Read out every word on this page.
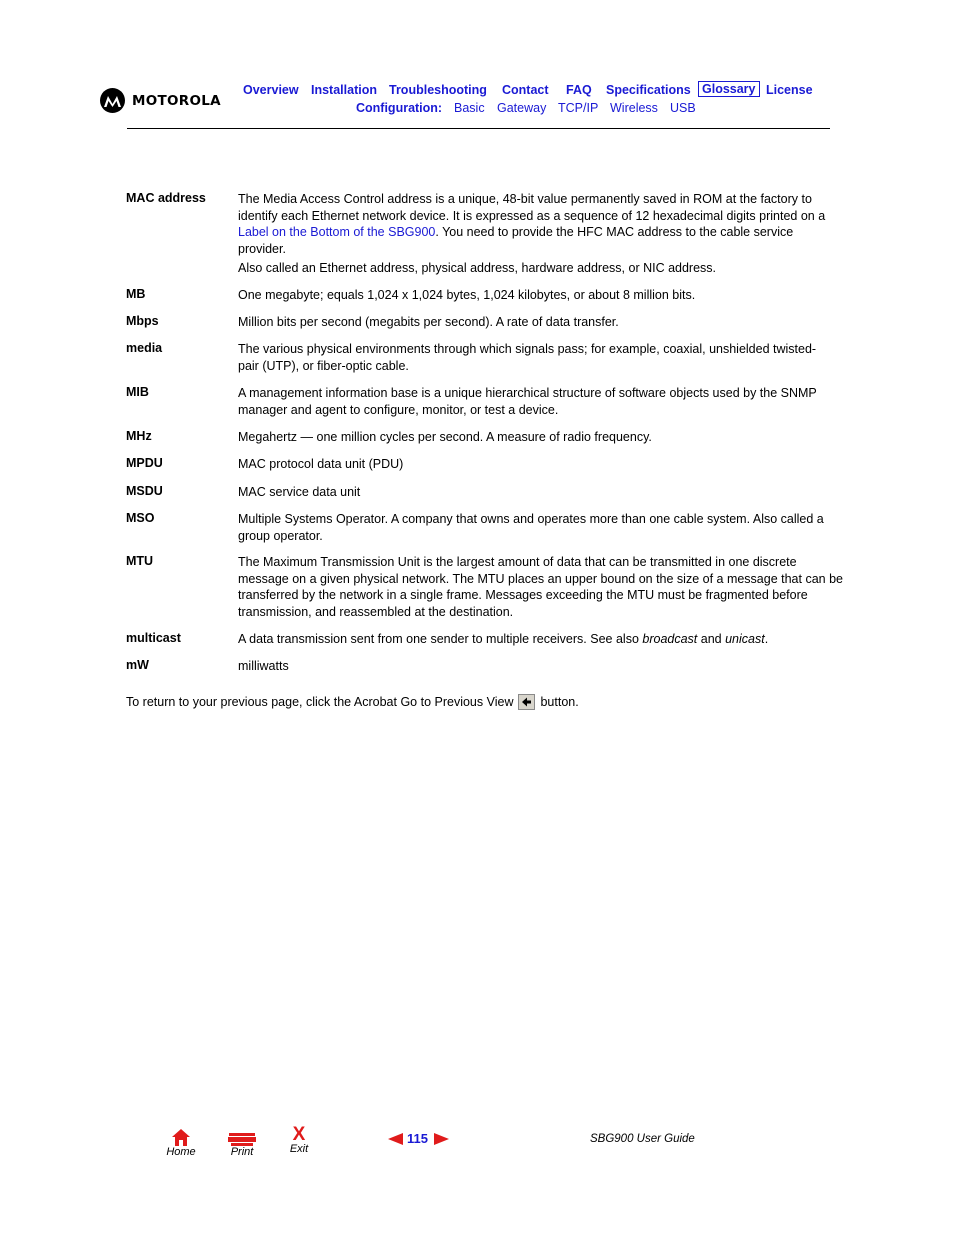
MOTOROLA
Overview Installation Troubleshooting Contact FAQ Specifications Glossary License
Configuration: Basic Gateway TCP/IP Wireless USB
MAC address	The Media Access Control address is a unique, 48-bit value permanently saved in ROM at the factory to identify each Ethernet network device. It is expressed as a sequence of 12 hexadecimal digits printed on a Label on the Bottom of the SBG900. You need to provide the HFC MAC address to the cable service provider.
Also called an Ethernet address, physical address, hardware address, or NIC address.
MB	One megabyte; equals 1,024 x 1,024 bytes, 1,024 kilobytes, or about 8 million bits.
Mbps	Million bits per second (megabits per second). A rate of data transfer.
media	The various physical environments through which signals pass; for example, coaxial, unshielded twisted-pair (UTP), or fiber-optic cable.
MIB	A management information base is a unique hierarchical structure of software objects used by the SNMP manager and agent to configure, monitor, or test a device.
MHz	Megahertz — one million cycles per second. A measure of radio frequency.
MPDU	MAC protocol data unit (PDU)
MSDU	MAC service data unit
MSO	Multiple Systems Operator. A company that owns and operates more than one cable system. Also called a group operator.
MTU	The Maximum Transmission Unit is the largest amount of data that can be transmitted in one discrete message on a given physical network. The MTU places an upper bound on the size of a message that can be transferred by the network in a single frame. Messages exceeding the MTU must be fragmented before transmission, and reassembled at the destination.
multicast	A data transmission sent from one sender to multiple receivers. See also broadcast and unicast.
mW	milliwatts
To return to your previous page, click the Acrobat Go to Previous View button.
Home	Print
X
Exit
115	SBG900 User Guide
